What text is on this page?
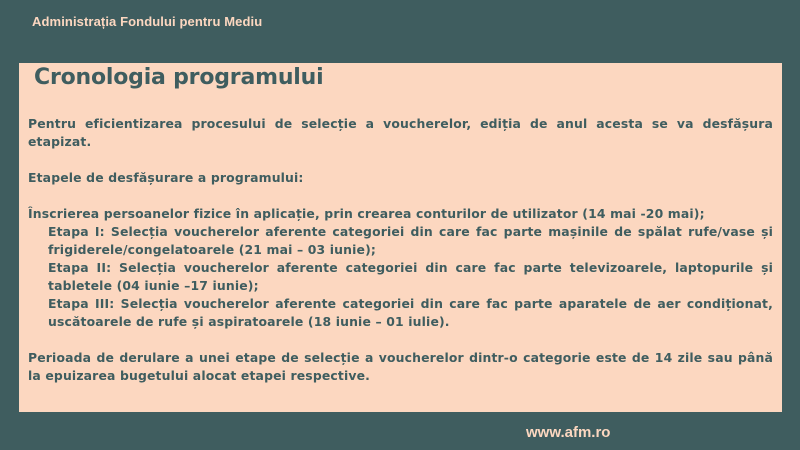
Administrația Fondului pentru Mediu
Cronologia programului

Pentru eficientizarea procesului de selecție a voucherelor, ediția de anul acesta se va desfășura etapizat.

Etapele de desfășurare a programului:

Înscrierea persoanelor fizice în aplicație, prin crearea conturilor de utilizator (14 mai -20 mai);

Etapa I: Selecția voucherelor aferente categoriei din care fac parte mașinile de spălat rufe/vase și frigiderele/congelatoarele (21 mai – 03 iunie);
Etapa II: Selecția voucherelor aferente categoriei din care fac parte televizoarele, laptopurile și tabletele (04 iunie –17 iunie);
Etapa III: Selecția voucherelor aferente categoriei din care fac parte aparatele de aer condiționat, uscătoarele de rufe și aspiratoarele (18 iunie – 01 iulie).

Perioada de derulare a unei etape de selecție a voucherelor dintr-o categorie este de 14 zile sau până la epuizarea bugetului alocat etapei respective.

www.afm.ro
